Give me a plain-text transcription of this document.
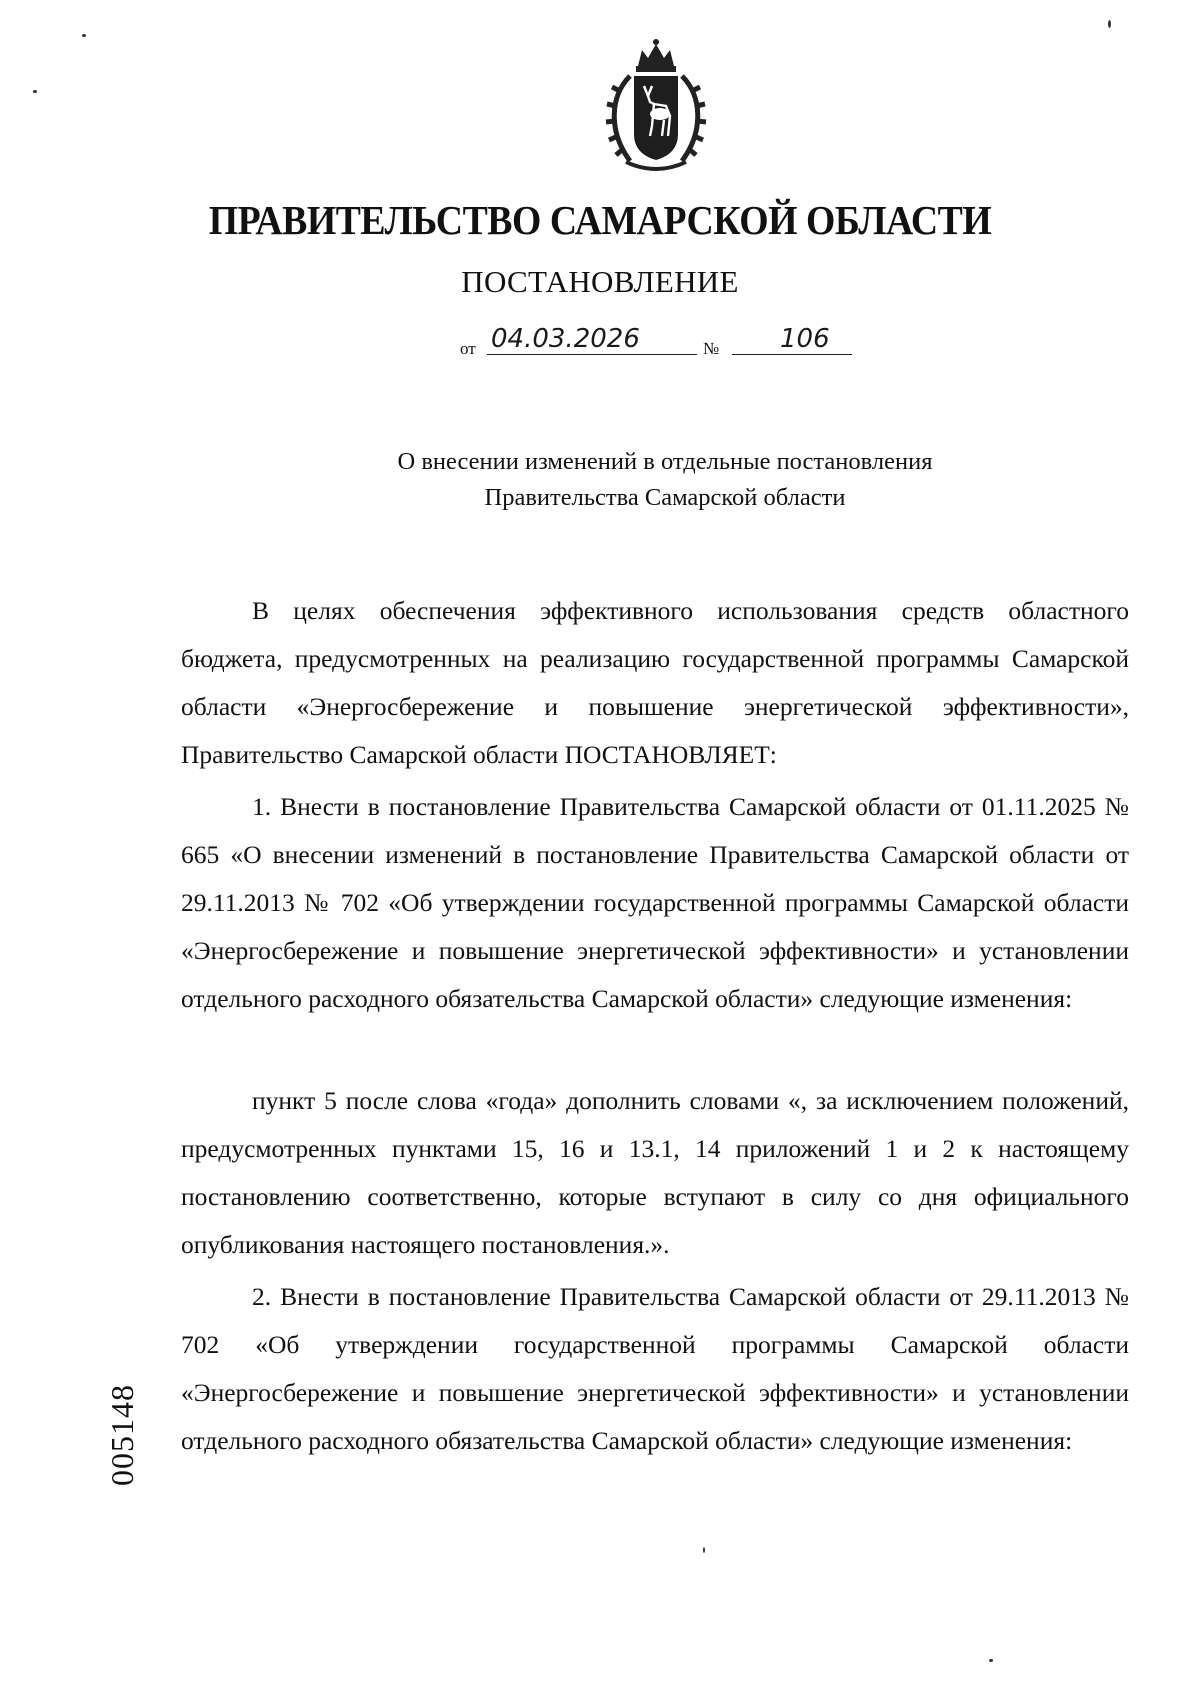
ПРАВИТЕЛЬСТВО САМАРСКОЙ ОБЛАСТИ
ПОСТАНОВЛЕНИЕ
от 04.03.2026	№	106
О внесении изменений в отдельные постановления
Правительства Самарской области
В целях обеспечения эффективного использования средств областного бюджета, предусмотренных на реализацию государственной программы Самарской области «Энергосбережение и повышение энергетической эффективности», Правительство Самарской области ПОСТАНОВЛЯЕТ:
1. Внести в постановление Правительства Самарской области от 01.11.2025 № 665 «О внесении изменений в постановление Правительства Самарской области от 29.11.2013 № 702 «Об утверждении государственной программы Самарской области «Энергосбережение и повышение энергетической эффективности» и установлении отдельного расходного обязательства Самарской области» следующие изменения:
пункт 5 после слова «года» дополнить словами «, за исключением положений, предусмотренных пунктами 15, 16 и 13.1, 14 приложений 1 и 2 к настоящему постановлению соответственно, которые вступают в силу со дня официального опубликования настоящего постановления.».
2. Внести в постановление Правительства Самарской области от 29.11.2013 № 702 «Об утверждении государственной программы Самарской области «Энергосбережение и повышение энергетической эффективности» и установлении отдельного расходного обязательства Самарской области» следующие изменения:
005148
